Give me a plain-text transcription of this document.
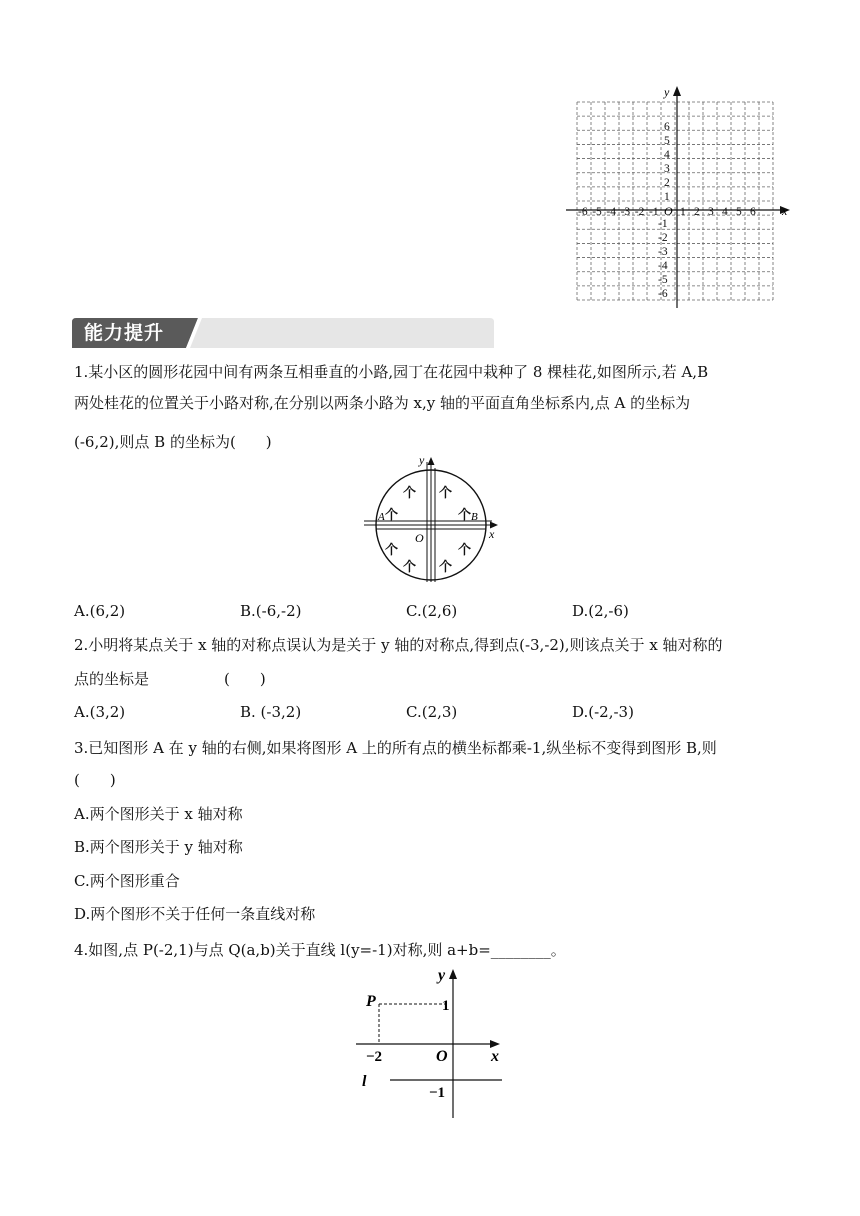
y
x
O
-6 -5 -4 -3 -2 -1 1 2 3 4 5 6
6
5
4
3
2
1
-1
-2
-3
-4
-5
-6
能力提升
1.某小区的圆形花园中间有两条互相垂直的小路,园丁在花园中栽种了 8 棵桂花,如图所示,若 A,B
两处桂花的位置关于小路对称,在分别以两条小路为 x,y 轴的平面直角坐标系内,点 A 的坐标为
(-6,2),则点 B 的坐标为(　　)
个 个
个	个
个	个
个 个
y
x
O
A	B
A.(6,2)	B.(-6,-2)	C.(2,6)	D.(2,-6)
2.小明将某点关于 x 轴的对称点误认为是关于 y 轴的对称点,得到点(-3,-2),则该点关于 x 轴对称的
点的坐标是　　　　　(　　)
A.(3,2)	B. (-3,2)	C.(2,3)	D.(-2,-3)
3.已知图形 A 在 y 轴的右侧,如果将图形 A 上的所有点的横坐标都乘-1,纵坐标不变得到图形 B,则
(　　)
A.两个图形关于 x 轴对称
B.两个图形关于 y 轴对称
C.两个图形重合
D.两个图形不关于任何一条直线对称
4.如图,点 P(-2,1)与点 Q(a,b)关于直线 l(y=-1)对称,则 a+b=________。
y
x
O
P	1
−2
l
−1
